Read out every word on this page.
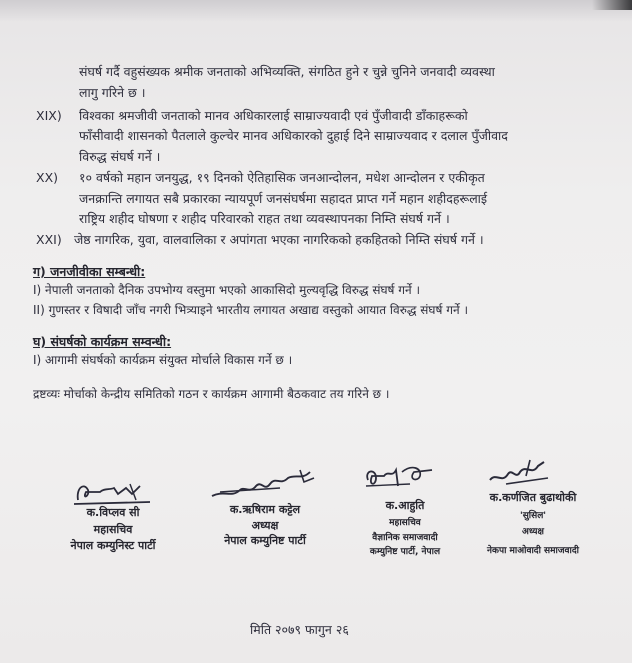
संघर्ष गर्दै वहुसंख्यक श्रमीक जनताको अभिव्यक्ति, संगठित हुने र चुन्ने चुनिने जनवादी व्यवस्था
लागु गरिने छ ।
XIX) विश्वका श्रमजीवी जनताको मानव अधिकारलाई साम्राज्यवादी एवं पुँजीवादी डाँकाहरूको
फाँसीवादी शासनको पैतलाले कुल्चेर मानव अधिकारको दुहाई दिने साम्राज्यवाद र दलाल पुँजीवाद
विरुद्ध संघर्ष गर्ने ।
XX) १० वर्षको महान जनयुद्ध, १९ दिनको ऐतिहासिक जनआन्दोलन, मधेश आन्दोलन र एकीकृत
जनक्रान्ति लगायत सबै प्रकारका न्यायपूर्ण जनसंघर्षमा सहादत प्राप्त गर्ने महान शहीदहरूलाई
राष्ट्रिय शहीद घोषणा र शहीद परिवारको राहत तथा व्यवस्थापनका निम्ति संघर्ष गर्ने ।
XXI) जेष्ठ नागरिक, युवा, वालवालिका र अपांगता भएका नागरिकको हकहितको निम्ति संघर्ष गर्ने ।
ग) जनजीवीका सम्बन्धी:
I) नेपाली जनताको दैनिक उपभोग्य वस्तुमा भएको आकासिदो मुल्यवृद्धि विरुद्ध संघर्ष गर्ने ।
II) गुणस्तर र विषादी जाँच नगरी भित्र्याइने भारतीय लगायत अखाद्य वस्तुको आयात विरुद्ध संघर्ष गर्ने ।
घ) संघर्षको कार्यक्रम सम्वन्धी:
I) आगामी संघर्षको कार्यक्रम संयुक्त मोर्चाले विकास गर्ने छ ।
द्रष्टव्यः मोर्चाको केन्द्रीय समितिको गठन र कार्यक्रम आगामी बैठकवाट तय गरिने छ ।
क.विप्लव सी
महासचिव
नेपाल कम्युनिस्ट पार्टी
क.ऋषिराम कट्टेल
अध्यक्ष
नेपाल कम्युनिष्ट पार्टी
क.आहुति
महासचिव
वैज्ञानिक समाजवादी
कम्युनिष्ट पार्टी, नेपाल
क.कर्णजित बुढाथोकी
'सुसिल'
अध्यक्ष
नेकपा माओवादी समाजवादी
मिति २०७९ फागुन २६
